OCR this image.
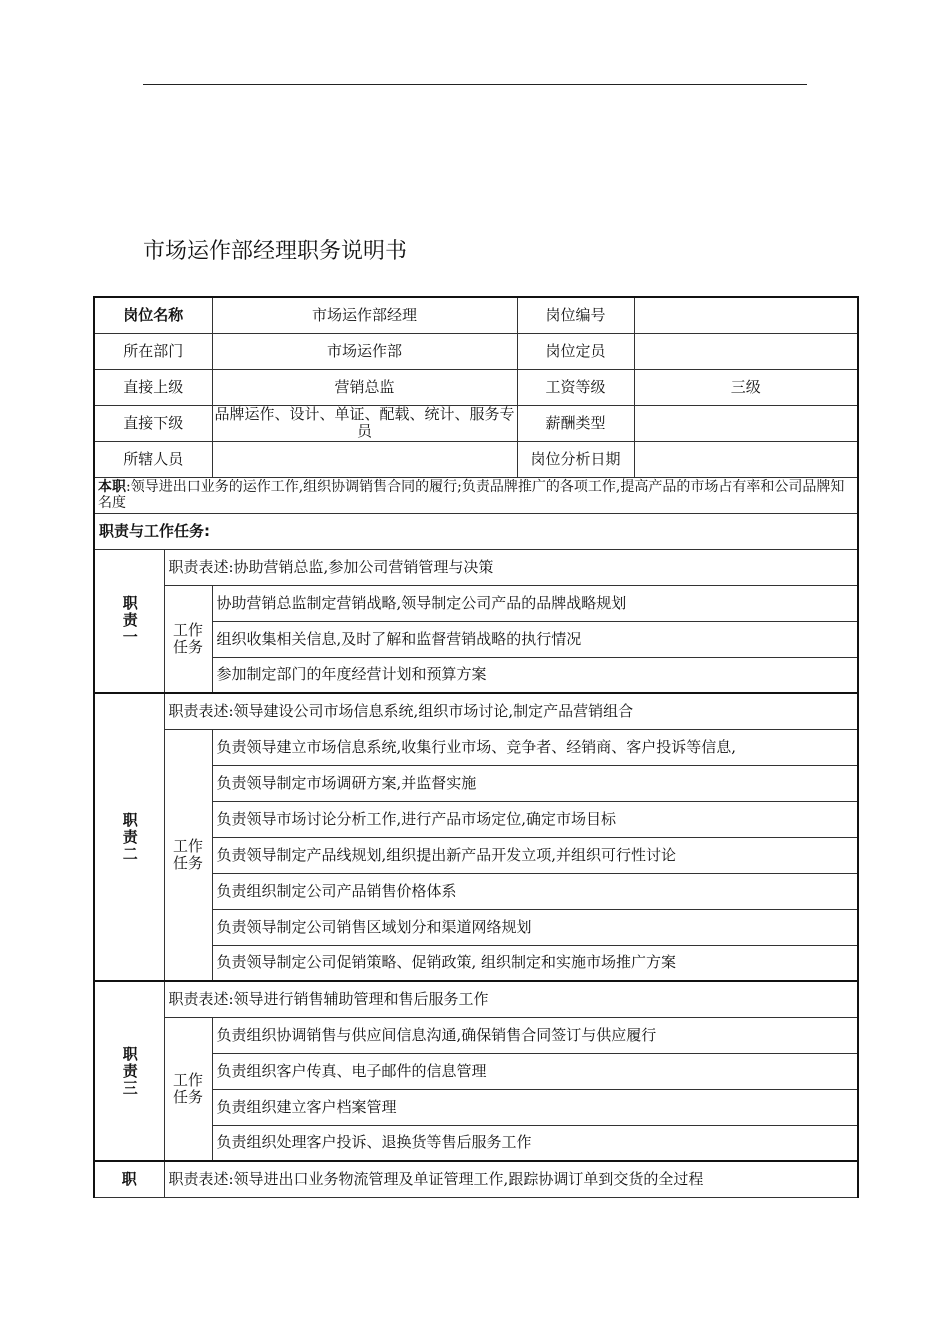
市场运作部经理职务说明书
岗位名称		市场运作部经理	岗位编号	
所在部门		市场运作部	岗位定员	
直接上级		营销总监	工资等级	三级
直接下级		品牌运作、设计、单证、配载、统计、服务专员	薪酬类型	
所辖人员			岗位分析日期	
本职:领导进出口业务的运作工作,组织协调销售合同的履行;负责品牌推广的各项工作,提高产品的市场占有率和公司品牌知名度				
职责与工作任务:				
职责一	职责表述:协助营销总监,参加公司营销管理与决策			
	工作任务	协助营销总监制定营销战略,领导制定公司产品的品牌战略规划		
		组织收集相关信息,及时了解和监督营销战略的执行情况		
		参加制定部门的年度经营计划和预算方案		
职责二	职责表述:领导建设公司市场信息系统,组织市场讨论,制定产品营销组合			
	工作任务	负责领导建立市场信息系统,收集行业市场、竞争者、经销商、客户投诉等信息,		
		负责领导制定市场调研方案,并监督实施		
		负责领导市场讨论分析工作,进行产品市场定位,确定市场目标		
		负责领导制定产品线规划,组织提出新产品开发立项,并组织可行性讨论		
		负责组织制定公司产品销售价格体系		
		负责领导制定公司销售区域划分和渠道网络规划		
		负责领导制定公司促销策略、促销政策, 组织制定和实施市场推广方案		
职责三	职责表述:领导进行销售辅助管理和售后服务工作			
	工作任务	负责组织协调销售与供应间信息沟通,确保销售合同签订与供应履行		
		负责组织客户传真、电子邮件的信息管理		
		负责组织建立客户档案管理		
		负责组织处理客户投诉、退换货等售后服务工作		
职	职责表述:领导进出口业务物流管理及单证管理工作,跟踪协调订单到交货的全过程			
